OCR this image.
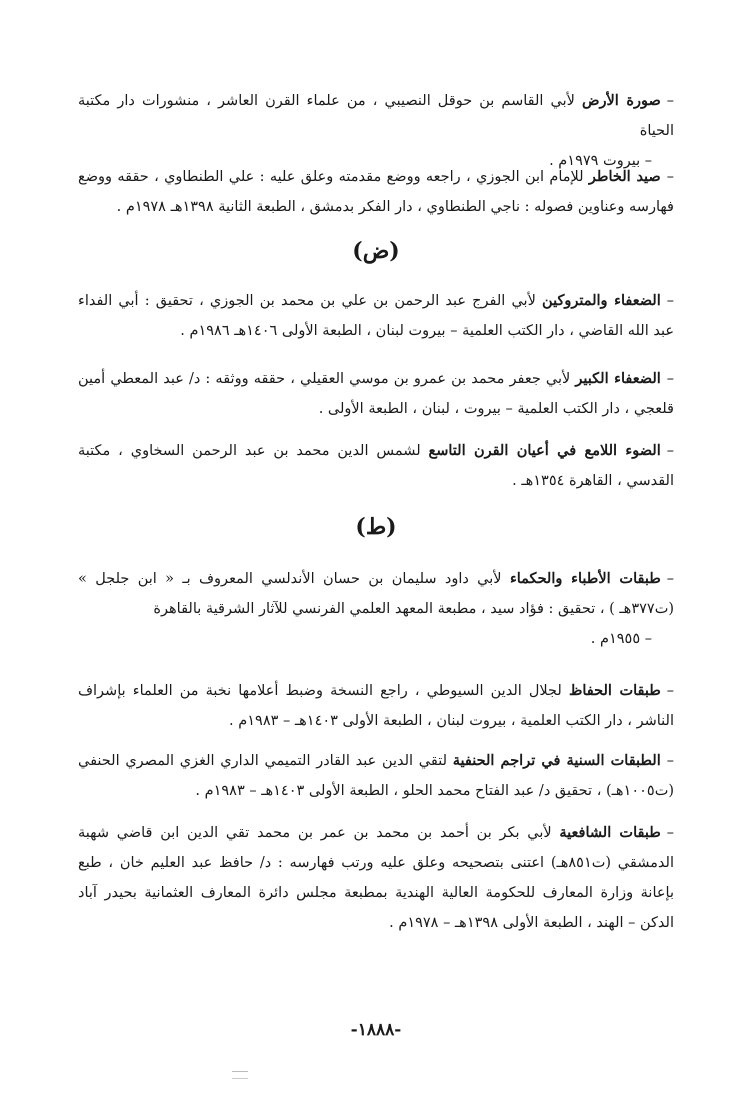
–صورة الأرض لأبي القاسم بن حوقل النصيبي ، من علماء القرن العاشر ، منشورات دار مكتبة الحياة
– بيروت ١٩٧٩م .
–صيد الخاطر للإمام ابن الجوزي ، راجعه ووضع مقدمته وعلق عليه : علي الطنطاوي ، حققه ووضع فهارسه وعناوين فصوله : ناجي الطنطاوي ، دار الفكر بدمشق ، الطبعة الثانية ١٣٩٨هـ ١٩٧٨م .
(ض)
–الضعفاء والمتروكين لأبي الفرج عبد الرحمن بن علي بن محمد بن الجوزي ، تحقيق : أبي الفداء عبد الله القاضي ، دار الكتب العلمية – بيروت لبنان ، الطبعة الأولى ١٤٠٦هـ ١٩٨٦م .
–الضعفاء الكبير لأبي جعفر محمد بن عمرو بن موسي العقيلي ، حققه ووثقه : د/ عبد المعطي أمين قلعجي ، دار الكتب العلمية – بيروت ، لبنان ، الطبعة الأولى .
–الضوء اللامع في أعيان القرن التاسع لشمس الدين محمد بن عبد الرحمن السخاوي ، مكتبة القدسي ، القاهرة ١٣٥٤هـ .
(ط)
–طبقات الأطباء والحكماء لأبي داود سليمان بن حسان الأندلسي المعروف بـ « ابن جلجل » (ت٣٧٧هـ ) ، تحقيق : فؤاد سيد ، مطبعة المعهد العلمي الفرنسي للآثار الشرقية بالقاهرة
– ١٩٥٥م .
–طبقات الحفاظ لجلال الدين السيوطي ، راجع النسخة وضبط أعلامها نخبة من العلماء بإشراف الناشر ، دار الكتب العلمية ، بيروت لبنان ، الطبعة الأولى ١٤٠٣هـ – ١٩٨٣م .
–الطبقات السنية في تراجم الحنفية لتقي الدين عبد القادر التميمي الداري الغزي المصري الحنفي (ت١٠٠٥هـ) ، تحقيق د/ عبد الفتاح محمد الحلو ، الطبعة الأولى ١٤٠٣هـ – ١٩٨٣م .
–طبقات الشافعية لأبي بكر بن أحمد بن محمد بن عمر بن محمد تقي الدين ابن قاضي شهبة الدمشقي (ت٨٥١هـ) اعتنى بتصحيحه وعلق عليه ورتب فهارسه : د/ حافظ عبد العليم خان ، طبع بإعانة وزارة المعارف للحكومة العالية الهندية بمطبعة مجلس دائرة المعارف العثمانية بحيدر آباد الدكن – الهند ، الطبعة الأولى ١٣٩٨هـ – ١٩٧٨م .
-١٨٨٨-
